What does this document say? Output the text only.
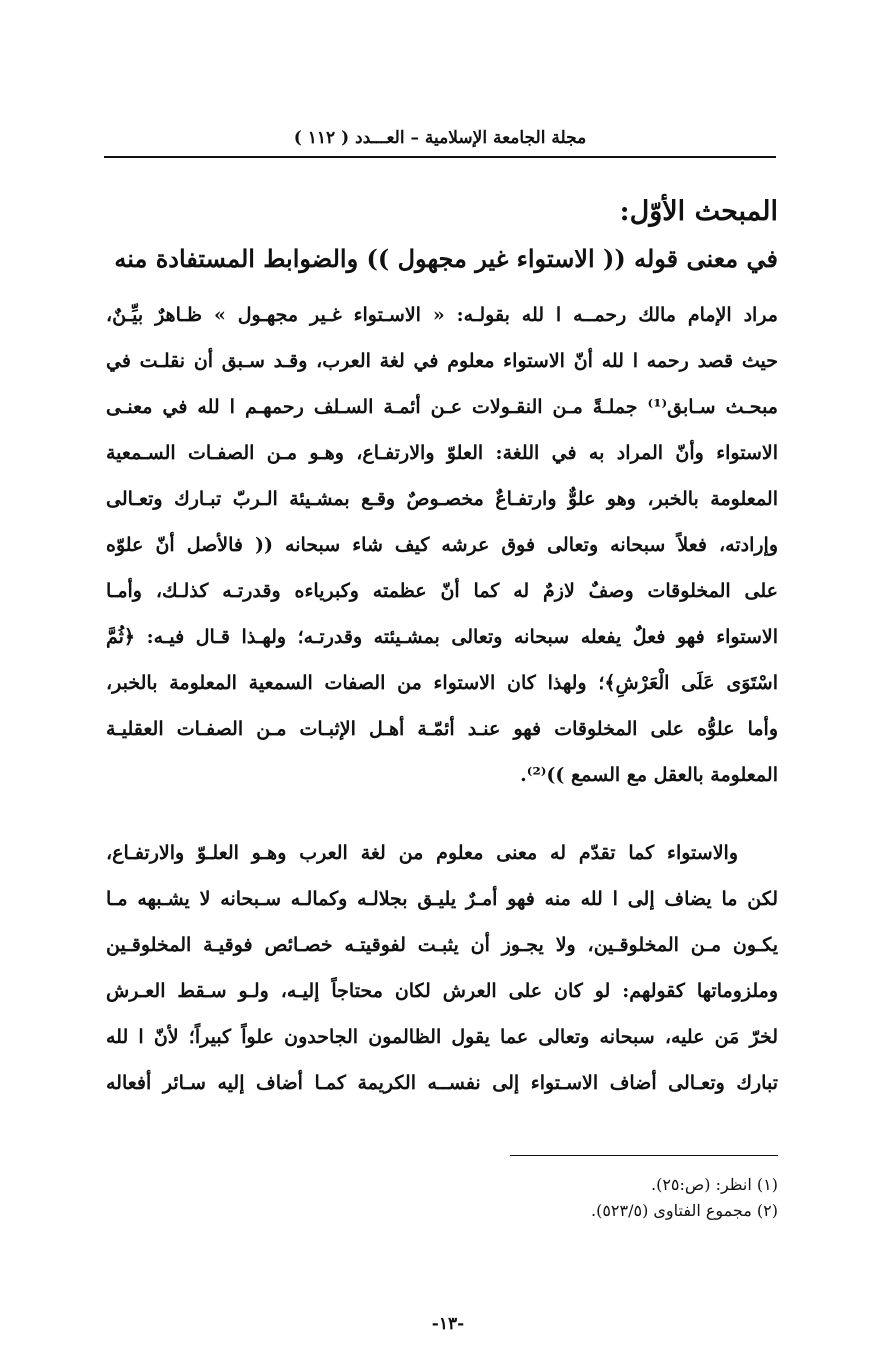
مجلة الجامعة الإسلامية – العـــدد ( ١١٢ )
المبحث الأوّل:
في معنى قوله (( الاستواء غير مجهول )) والضوابط المستفادة منه
مراد الإمام مالك رحمــه ا لله بقولـه: « الاسـتواء غـير مجهـول » ظـاهرٌ بيِّـنٌ،
حيث قصد رحمه ا لله أنّ الاستواء معلوم في لغة العرب، وقـد سـبق أن نقلـت في
مبحـث سـابق⁽¹⁾ جملـةً مـن النقـولات عـن أئمـة السـلف رحمهـم ا لله في معنـى
الاستواء وأنّ المراد به في اللغة: العلوّ والارتفـاع، وهـو مـن الصفـات السـمعية
المعلومة بالخبر، وهو علوٌّ وارتفـاعٌ مخصـوصٌ وقـع بمشـيئة الـربّ تبـارك وتعـالى
وإرادته، فعلاً سبحانه وتعالى فوق عرشه كيف شاء سبحانه (( فالأصل أنّ علوّه
على المخلوقات وصفٌ لازمٌ له كما أنّ عظمته وكبرياءه وقدرتـه كذلـك، وأمـا
الاستواء فهو فعلٌ يفعله سبحانه وتعالى بمشـيئته وقدرتـه؛ ولهـذا قـال فيـه: ﴿ثُمَّ
اسْتَوَى عَلَى الْعَرْشِ﴾؛ ولهذا كان الاستواء من الصفات السمعية المعلومة بالخبر،
وأما علوُّه على المخلوقات فهو عنـد أئمّـة أهـل الإثبـات مـن الصفـات العقليـة
المعلومة بالعقل مع السمع ))⁽²⁾.
والاستواء كما تقدّم له معنى معلوم من لغة العرب وهـو العلـوّ والارتفـاع،
لكن ما يضاف إلى ا لله منه فهو أمـرٌ يليـق بجلالـه وكمالـه سـبحانه لا يشـبهه مـا
يكـون مـن المخلوقـين، ولا يجـوز أن يثبـت لفوقيتـه خصـائص فوقيـة المخلوقـين
وملزوماتها كقولهم: لو كان على العرش لكان محتاجاً إليـه، ولـو سـقط العـرش
لخرّ مَن عليه، سبحانه وتعالى عما يقول الظالمون الجاحدون علواً كبيراً؛ لأنّ ا لله
تبارك وتعـالى أضاف الاسـتواء إلى نفســه الكريمة كمـا أضاف إليه سـائر أفعاله
(١) انظر: (ص:٢٥).
(٢) مجموع الفتاوى (٥٢٣/٥).
-١٣-
